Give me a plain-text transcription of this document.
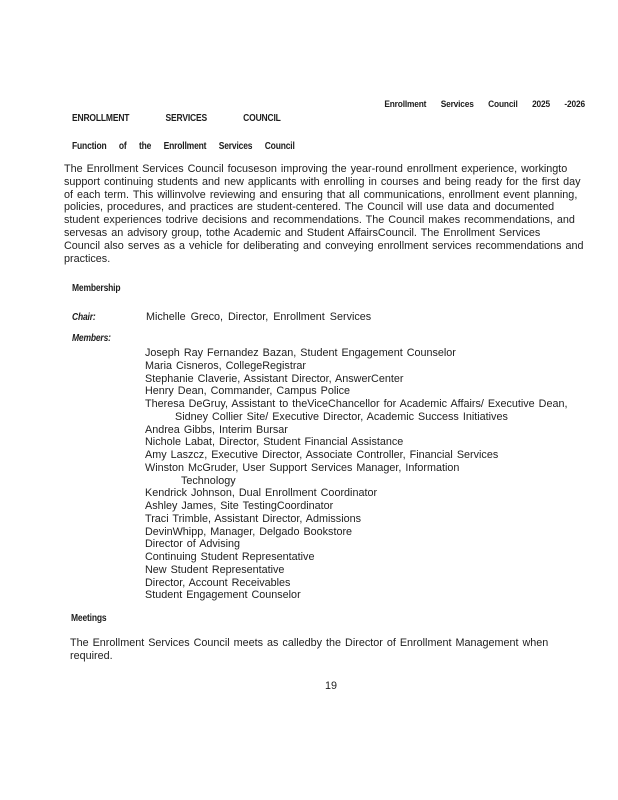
Enrollment Services Council 2025 -2026
ENROLLMENT SERVICES COUNCIL
Function of the Enrollment Services Council
The Enrollment Services Council focuseson improving the year-round enrollment experience, workingto
support continuing students and new applicants with enrolling in courses and being ready for the first day
of each term. This willinvolve reviewing and ensuring that all communications, enrollment event planning,
policies, procedures, and practices are student-centered. The Council will use data and documented
student experiences todrive decisions and recommendations. The Council makes recommendations, and
servesas an advisory group, tothe Academic and Student AffairsCouncil. The Enrollment Services
Council also serves as a vehicle for deliberating and conveying enrollment services recommendations and
practices.
Membership
Chair:	Michelle Greco, Director, Enrollment Services
Members:
Joseph Ray Fernandez Bazan, Student Engagement Counselor
Maria Cisneros, CollegeRegistrar
Stephanie Claverie, Assistant Director, AnswerCenter
Henry Dean, Commander, Campus Police
Theresa DeGruy, Assistant to theViceChancellor for Academic Affairs/ Executive Dean,
Sidney Collier Site/ Executive Director, Academic Success Initiatives
Andrea Gibbs, Interim Bursar
Nichole Labat, Director, Student Financial Assistance
Amy Laszcz, Executive Director, Associate Controller, Financial Services
Winston McGruder, User Support Services Manager, Information
Technology
Kendrick Johnson, Dual Enrollment Coordinator
Ashley James, Site TestingCoordinator
Traci Trimble, Assistant Director, Admissions
DevinWhipp, Manager, Delgado Bookstore
Director of Advising
Continuing Student Representative
New Student Representative
Director, Account Receivables
Student Engagement Counselor
Meetings
The Enrollment Services Council meets as calledby the Director of Enrollment Management when
required.
19
